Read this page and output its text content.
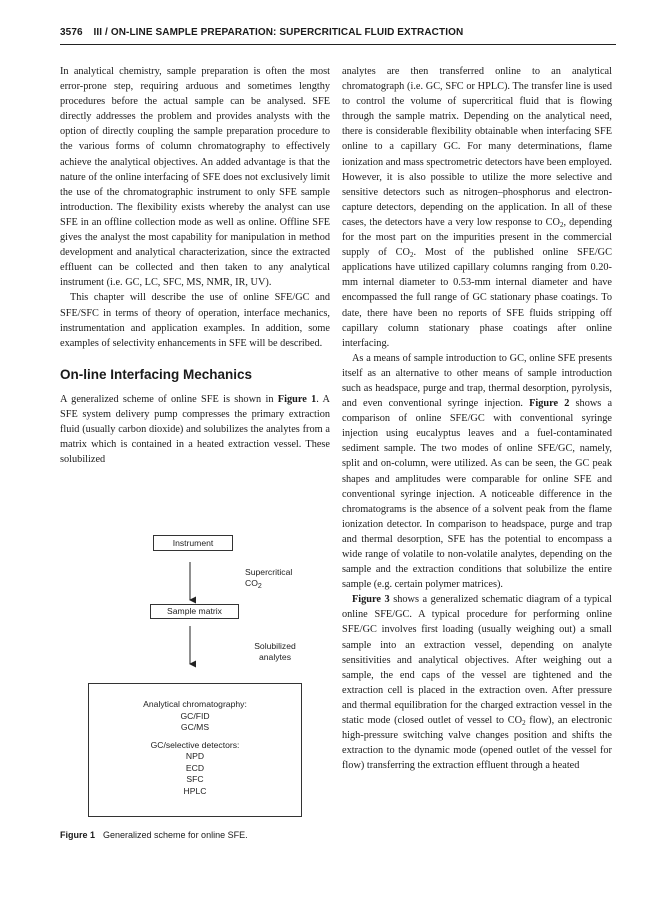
3576 III / ON-LINE SAMPLE PREPARATION: SUPERCRITICAL FLUID EXTRACTION

In analytical chemistry, sample preparation is often the most error-prone step, requiring arduous and sometimes lengthy procedures before the actual sample can be analysed. SFE directly addresses the problem and provides analysts with the option of directly coupling the sample preparation procedure to the various forms of column chromatography to effectively achieve the analytical objectives. An added advantage is that the nature of the online interfacing of SFE does not exclusively limit the use of the chromatographic instrument to only SFE sample introduction. The flexibility exists whereby the analyst can use SFE in an offline collection mode as well as online. Offline SFE gives the analyst the most capability for manipulation in method development and analytical characterization, since the extracted effluent can be collected and then taken to any analytical instrument (i.e. GC, LC, SFC, MS, NMR, IR, UV).

This chapter will describe the use of online SFE/GC and SFE/SFC in terms of theory of operation, interface mechanics, instrumentation and application examples. In addition, some examples of selectivity enhancements in SFE will be described.

On-line Interfacing Mechanics

A generalized scheme of online SFE is shown in Figure 1. A SFE system delivery pump compresses the primary extraction fluid (usually carbon dioxide) and solubilizes the analytes from a matrix which is contained in a heated extraction vessel. These solubilized

analytes are then transferred online to an analytical chromatograph (i.e. GC, SFC or HPLC). The transfer line is used to control the volume of supercritical fluid that is flowing through the sample matrix. Depending on the analytical need, there is considerable flexibility obtainable when interfacing SFE online to a capillary GC. For many determinations, flame ionization and mass spectrometric detectors have been employed. However, it is also possible to utilize the more selective and sensitive detectors such as nitrogen–phosphorus and electron-capture detectors, depending on the application. In all of these cases, the detectors have a very low response to $CO_2$, depending for the most part on the impurities present in the commercial supply of $CO_2$. Most of the published online SFE/GC applications have utilized capillary columns ranging from 0.20-mm internal diameter to 0.53-mm internal diameter and have encompassed the full range of GC stationary phase coatings. To date, there have been no reports of SFE fluids stripping off capillary column stationary phase coatings after online interfacing.

As a means of sample introduction to GC, online SFE presents itself as an alternative to other means of sample introduction such as headspace, purge and trap, thermal desorption, pyrolysis, and even conventional syringe injection. Figure 2 shows a comparison of online SFE/GC with conventional syringe injection using eucalyptus leaves and a fuel-contaminated sediment sample. The two modes of online SFE/GC, namely, split and on-column, were utilized. As can be seen, the GC peak shapes and amplitudes were comparable for online SFE and conventional syringe injection. A noticeable difference in the chromatograms is the absence of a solvent peak from the flame ionization detector. In comparison to headspace, purge and trap and thermal desorption, SFE has the potential to encompass a wide range of volatile to non-volatile analytes, depending on the sample and the extraction conditions that solubilize the entire sample (e.g. certain polymer matrices).

Figure 3 shows a generalized schematic diagram of a typical online SFE/GC. A typical procedure for performing online SFE/GC involves first loading (usually weighing out) a small sample into an extraction vessel, depending on analyte sensitivities and analytical objectives. After weighing out a sample, the end caps of the vessel are tightened and the extraction cell is placed in the extraction oven. After pressure and thermal equilibration for the charged extraction vessel in the static mode (closed outlet of vessel to $CO_2$ flow), an electronic high-pressure switching valve changes position and shifts the extraction to the dynamic mode (opened outlet of the vessel for flow) transferring the extraction effluent through a heated

Instrument
Supercritical
$CO_2$
Sample matrix
Solubilized
analytes
Analytical chromatography:
GC/FID
GC/MS
GC/selective detectors:
NPD
ECD
SFC
HPLC
Figure 1 Generalized scheme for online SFE.
